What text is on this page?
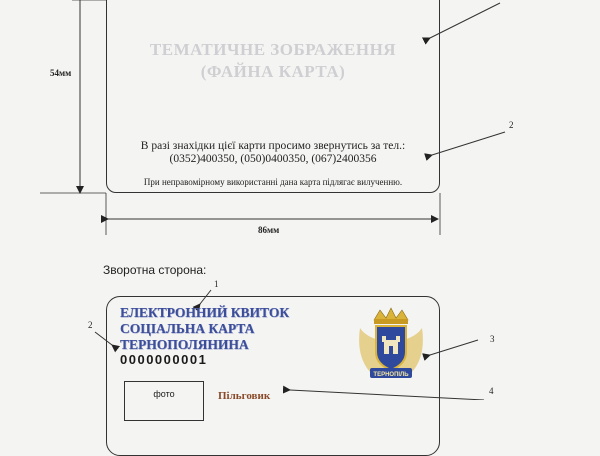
ТЕМАТИЧНЕ ЗОБРАЖЕННЯ
(ФАЙНА КАРТА)
В разі знахідки цієї карти просимо звернутись за тел.:
(0352)400350, (050)0400350, (067)2400356
При неправомірному використанні дана карта підлягає вилученню.
54мм
86мм
2
Зворотна сторона:
1
2
3
4
ЕЛЕКТРОННИЙ КВИТОК
СОЦІАЛЬНА КАРТА
ТЕРНОПОЛЯНИНА
0000000001
фото	Пільговик
ТЕРНОПІЛЬ
